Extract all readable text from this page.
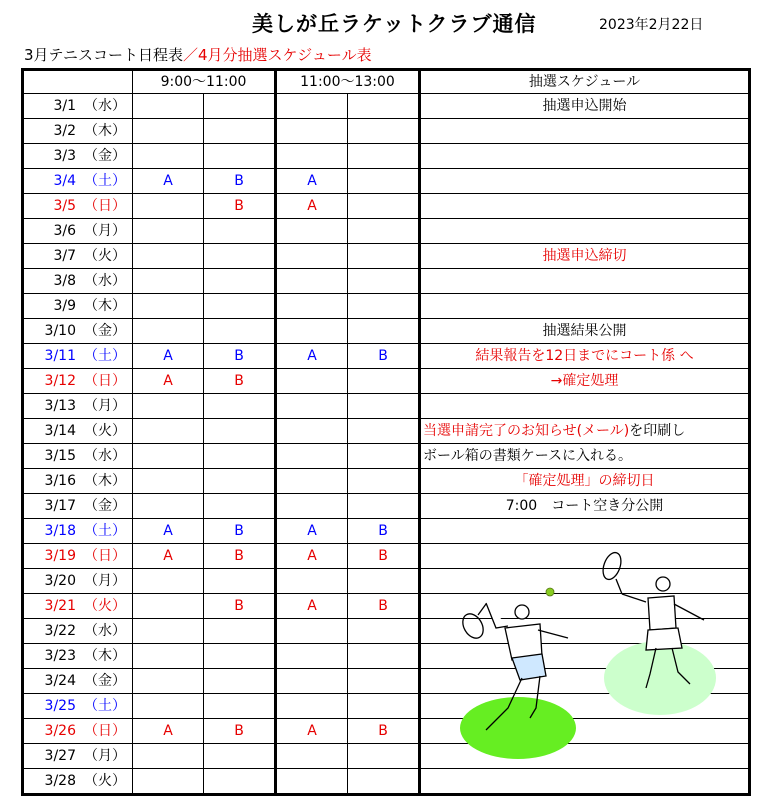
美しが丘ラケットクラブ通信	2023年2月22日
3月テニスコート日程表／4月分抽選スケジュール表
	9:00～11:00		11:00～13:00		抽選スケジュール
3/1 （水）					抽選申込開始
3/2 （木）					
3/3 （金）					
3/4 （土）	A	B	A		
3/5 （日）		B	A		
3/6 （月）					
3/7 （火）					抽選申込締切
3/8 （水）					
3/9 （木）					
3/10 （金）					抽選結果公開
3/11 （土）	A	B	A	B	結果報告を12日までにコート係 へ
3/12 （日）	A	B			→確定処理
3/13 （月）					
3/14 （火）					当選申請完了のお知らせ(メール)を印刷し
3/15 （水）					ボール箱の書類ケースに入れる。
3/16 （木）					「確定処理」の締切日
3/17 （金）					7:00　コート空き分公開
3/18 （土）	A	B	A	B	
3/19 （日）	A	B	A	B	
3/20 （月）					
3/21 （火）		B	A	B	
3/22 （水）					
3/23 （木）					
3/24 （金）					
3/25 （土）					
3/26 （日）	A	B	A	B	
3/27 （月）					
3/28 （火）					
